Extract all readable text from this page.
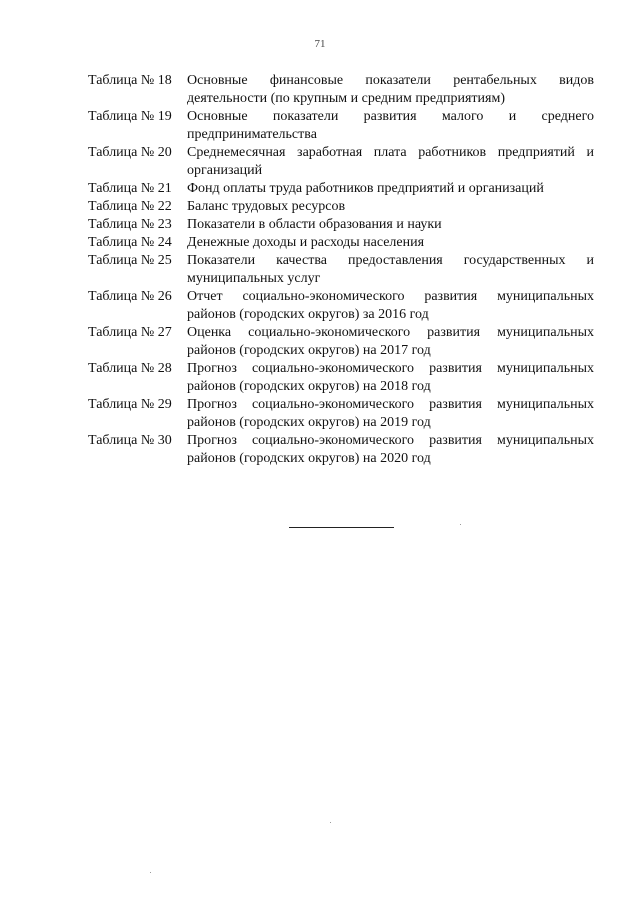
71
Таблица № 18	Основные финансовые показатели рентабельных видов деятельности (по крупным и средним предприятиям)
Таблица № 19	Основные показатели развития малого и среднего предпринимательства
Таблица № 20	Среднемесячная заработная плата работников предприятий и организаций
Таблица № 21	Фонд оплаты труда работников предприятий и организаций
Таблица № 22	Баланс трудовых ресурсов
Таблица № 23	Показатели в области образования и науки
Таблица № 24	Денежные доходы и расходы населения
Таблица № 25	Показатели качества предоставления государственных и муниципальных услуг
Таблица № 26	Отчет социально-экономического развития муниципальных районов (городских округов) за 2016 год
Таблица № 27	Оценка социально-экономического развития муниципальных районов (городских округов) на 2017 год
Таблица № 28	Прогноз социально-экономического развития муниципальных районов (городских округов) на 2018 год
Таблица № 29	Прогноз социально-экономического развития муниципальных районов (городских округов) на 2019 год
Таблица № 30	Прогноз социально-экономического развития муниципальных районов (городских округов) на 2020 год
